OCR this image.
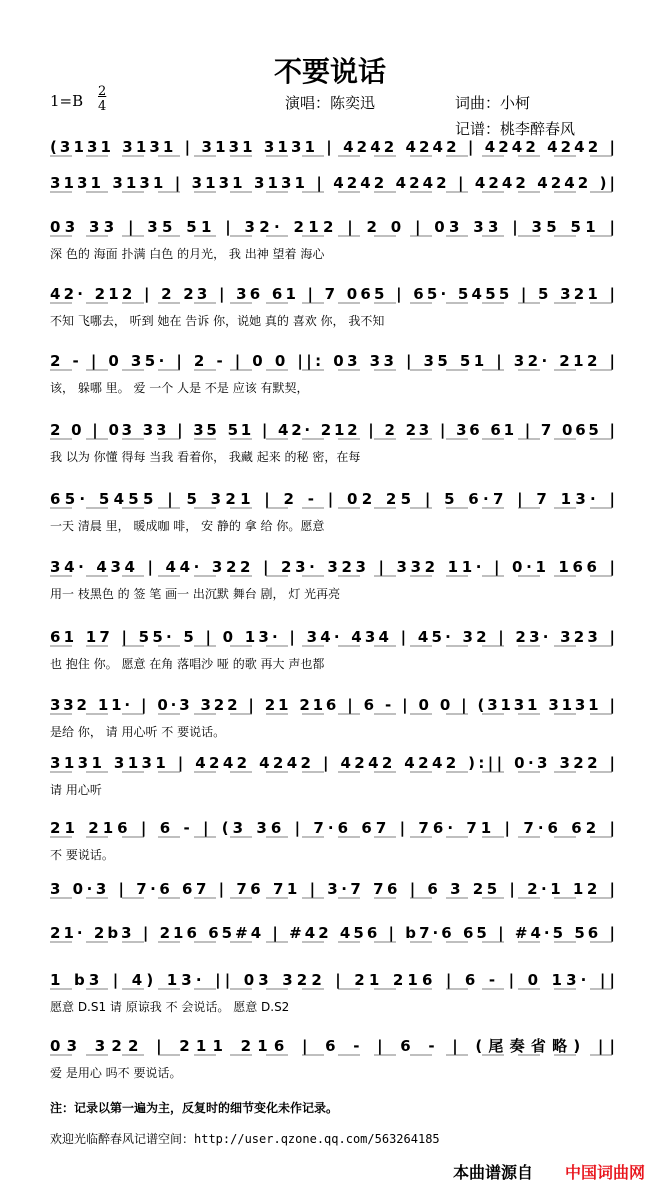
不要说话
1=B
2
4	演唱：陈奕迅	词曲：小柯
记谱：桃李醉春风
(3131 3131 | 3131 3131 | 4242 4242 | 4242 4242 |
3131 3131 | 3131 3131 | 4242 4242 | 4242 4242 )|
03 33 | 35 51 | 32· 212 | 2 0 | 03 33 | 35 51 |
深 色的 海面 扑满 白色 的月光， 我 出神 望着 海心
42· 212 | 2 23 | 36 61 | 7 065 | 65· 5455 | 5 321 |
不知 飞哪去， 听到 她在 告诉 你，说她 真的 喜欢 你， 我不知
2 - | 0 35· | 2 - | 0 0 ||: 03 33 | 35 51 | 32· 212 |
该， 躲哪 里。 爱 一个 人是 不是 应该 有默契，
2 0 | 03 33 | 35 51 | 42· 212 | 2 23 | 36 61 | 7 065 |
我 以为 你懂 得每 当我 看着你， 我藏 起来 的秘 密，在每
65· 5455 | 5 321 | 2 - | 02 25 | 5 6·7 | 7 13· |
一天 清晨 里， 暖成咖 啡， 安 静的 拿 给 你。愿意
34· 434 | 44· 322 | 23· 323 | 332 11· | 0·1 166 |
用一 枝黑色 的 签 笔 画一 出沉默 舞台 剧， 灯 光再亮
61 17 | 55· 5 | 0 13· | 34· 434 | 45· 32 | 23· 323 |
也 抱住 你。 愿意 在角 落唱沙 哑 的歌 再大 声也都
332 11· | 0·3 322 | 21 216 | 6 - | 0 0 | (3131 3131 |
是给 你， 请 用心听 不 要说话。
3131 3131 | 4242 4242 | 4242 4242 ):|| 0·3 322 |
请 用心听
21 216 | 6 - | (3 36 | 7·6 67 | 76· 71 | 7·6 62 |
不 要说话。
3 0·3 | 7·6 67 | 76 71 | 3·7 76 | 6 3 25 | 2·1 12 |
21· 2b3 | 216 65#4 | #42 456 | b7·6 65 | #4·5 56 |
1 b3 | 4) 13· || 03 322 | 21 216 | 6 - | 0 13· ||
愿意 D.S1 请 原谅我 不 会说话。 愿意 D.S2
03 322 | 211 216 | 6 - | 6 - | (尾奏省略) ||
爱 是用心 吗不 要说话。
注：记录以第一遍为主，反复时的细节变化未作记录。
欢迎光临醉春风记谱空间：http://user.qzone.qq.com/563264185
本曲谱源自 中国词曲网
